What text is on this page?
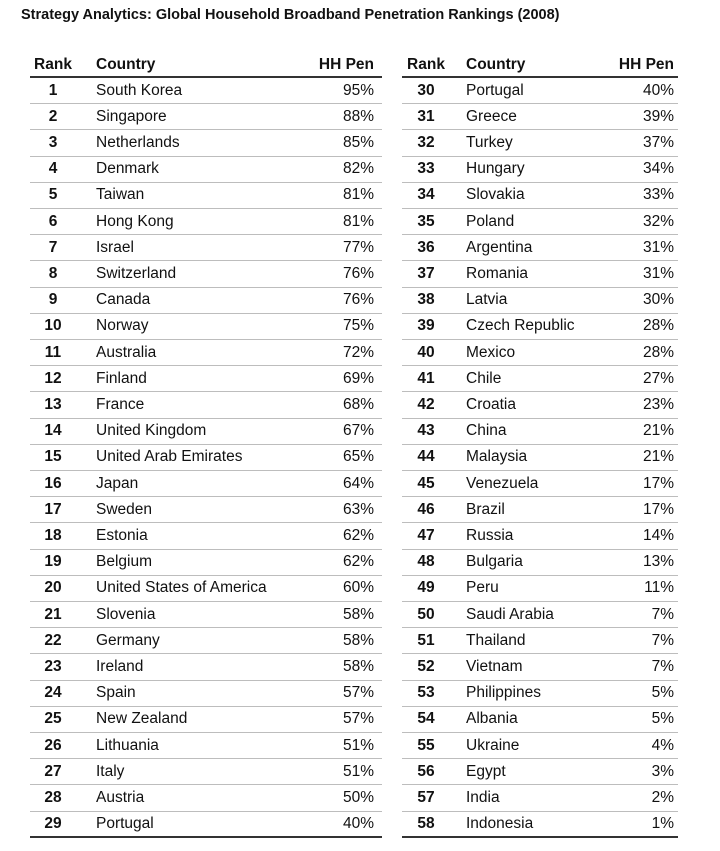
Strategy Analytics: Global Household Broadband Penetration Rankings (2008)
Rank	Country	HH Pen
1	South Korea	95%
2	Singapore	88%
3	Netherlands	85%
4	Denmark	82%
5	Taiwan	81%
6	Hong Kong	81%
7	Israel	77%
8	Switzerland	76%
9	Canada	76%
10	Norway	75%
11	Australia	72%
12	Finland	69%
13	France	68%
14	United Kingdom	67%
15	United Arab Emirates	65%
16	Japan	64%
17	Sweden	63%
18	Estonia	62%
19	Belgium	62%
20	United States of America	60%
21	Slovenia	58%
22	Germany	58%
23	Ireland	58%
24	Spain	57%
25	New Zealand	57%
26	Lithuania	51%
27	Italy	51%
28	Austria	50%
29	Portugal	40%
Rank	Country	HH Pen
30	Portugal	40%
31	Greece	39%
32	Turkey	37%
33	Hungary	34%
34	Slovakia	33%
35	Poland	32%
36	Argentina	31%
37	Romania	31%
38	Latvia	30%
39	Czech Republic	28%
40	Mexico	28%
41	Chile	27%
42	Croatia	23%
43	China	21%
44	Malaysia	21%
45	Venezuela	17%
46	Brazil	17%
47	Russia	14%
48	Bulgaria	13%
49	Peru	11%
50	Saudi Arabia	7%
51	Thailand	7%
52	Vietnam	7%
53	Philippines	5%
54	Albania	5%
55	Ukraine	4%
56	Egypt	3%
57	India	2%
58	Indonesia	1%
